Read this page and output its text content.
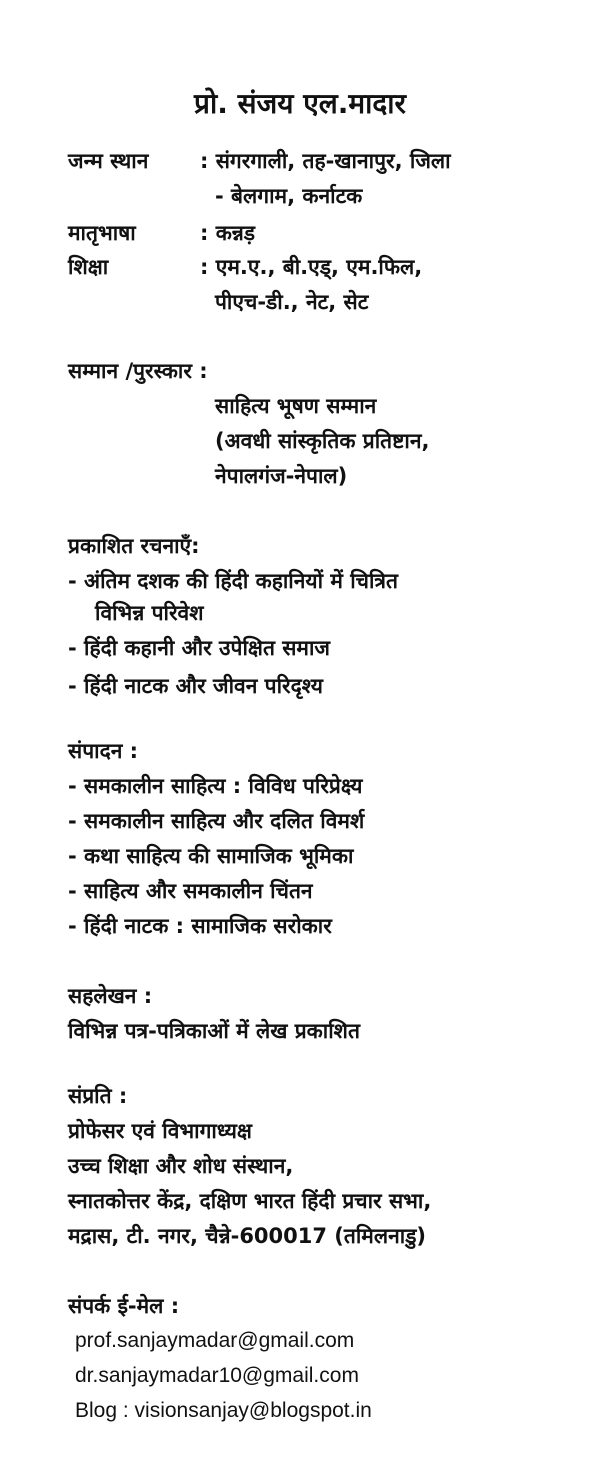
प्रो. संजय एल.मादार
जन्म स्थान : संगरगाली, तह-खानापुर, जिला
- बेलगाम, कर्नाटक
मातृभाषा	: कन्नड़
शिक्षा	: एम.ए., बी.एड्, एम.फिल,
पीएच-डी., नेट, सेट
सम्मान /पुरस्कार :
साहित्य भूषण सम्मान
(अवधी सांस्कृतिक प्रतिष्टान,
नेपालगंज-नेपाल)
प्रकाशित रचनाएँ:
- अंतिम दशक की हिंदी कहानियों में चित्रित
विभिन्न परिवेश
- हिंदी कहानी और उपेक्षित समाज
- हिंदी नाटक और जीवन परिदृश्य
संपादन :
- समकालीन साहित्य : विविध परिप्रेक्ष्य
- समकालीन साहित्य और दलित विमर्श
- कथा साहित्य की सामाजिक भूमिका
- साहित्य और समकालीन चिंतन
- हिंदी नाटक : सामाजिक सरोकार
सहलेखन :
विभिन्न पत्र-पत्रिकाओं में लेख प्रकाशित
संप्रति :
प्रोफेसर एवं विभागाध्यक्ष
उच्च शिक्षा और शोध संस्थान,
स्नातकोत्तर केंद्र, दक्षिण भारत हिंदी प्रचार सभा,
मद्रास, टी. नगर, चैन्ने-600017 (तमिलनाडु)
संपर्क ई-मेल :
prof.sanjaymadar@gmail.com
dr.sanjaymadar10@gmail.com
Blog : visionsanjay@blogspot.in
